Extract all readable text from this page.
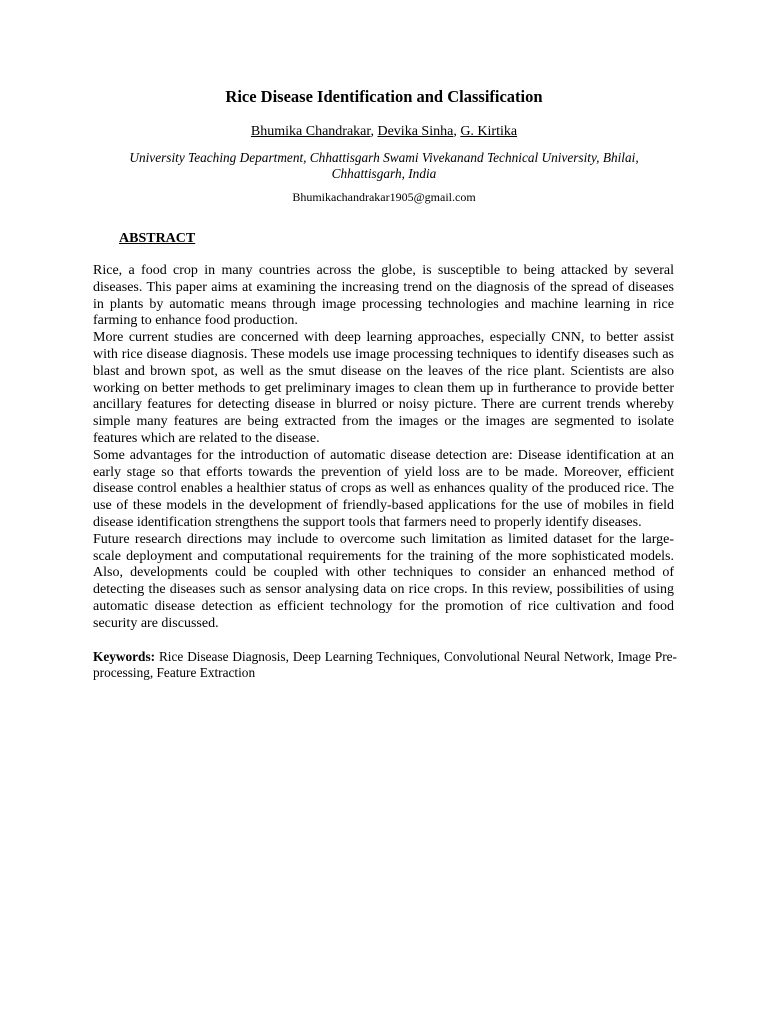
Rice Disease Identification and Classification
Bhumika Chandrakar, Devika Sinha, G. Kirtika
University Teaching Department, Chhattisgarh Swami Vivekanand Technical University, Bhilai, Chhattisgarh, India
Bhumikachandrakar1905@gmail.com
ABSTRACT

Rice, a food crop in many countries across the globe, is susceptible to being attacked by several diseases. This paper aims at examining the increasing trend on the diagnosis of the spread of diseases in plants by automatic means through image processing technologies and machine learning in rice farming to enhance food production.

More current studies are concerned with deep learning approaches, especially CNN, to better assist with rice disease diagnosis. These models use image processing techniques to identify diseases such as blast and brown spot, as well as the smut disease on the leaves of the rice plant. Scientists are also working on better methods to get preliminary images to clean them up in furtherance to provide better ancillary features for detecting disease in blurred or noisy picture. There are current trends whereby simple many features are being extracted from the images or the images are segmented to isolate features which are related to the disease.

Some advantages for the introduction of automatic disease detection are: Disease identification at an early stage so that efforts towards the prevention of yield loss are to be made. Moreover, efficient disease control enables a healthier status of crops as well as enhances quality of the produced rice. The use of these models in the development of friendly-based applications for the use of mobiles in field disease identification strengthens the support tools that farmers need to properly identify diseases.

Future research directions may include to overcome such limitation as limited dataset for the large-scale deployment and computational requirements for the training of the more sophisticated models. Also, developments could be coupled with other techniques to consider an enhanced method of detecting the diseases such as sensor analysing data on rice crops. In this review, possibilities of using automatic disease detection as efficient technology for the promotion of rice cultivation and food security are discussed.

Keywords: Rice Disease Diagnosis, Deep Learning Techniques, Convolutional Neural Network, Image Pre-processing, Feature Extraction
